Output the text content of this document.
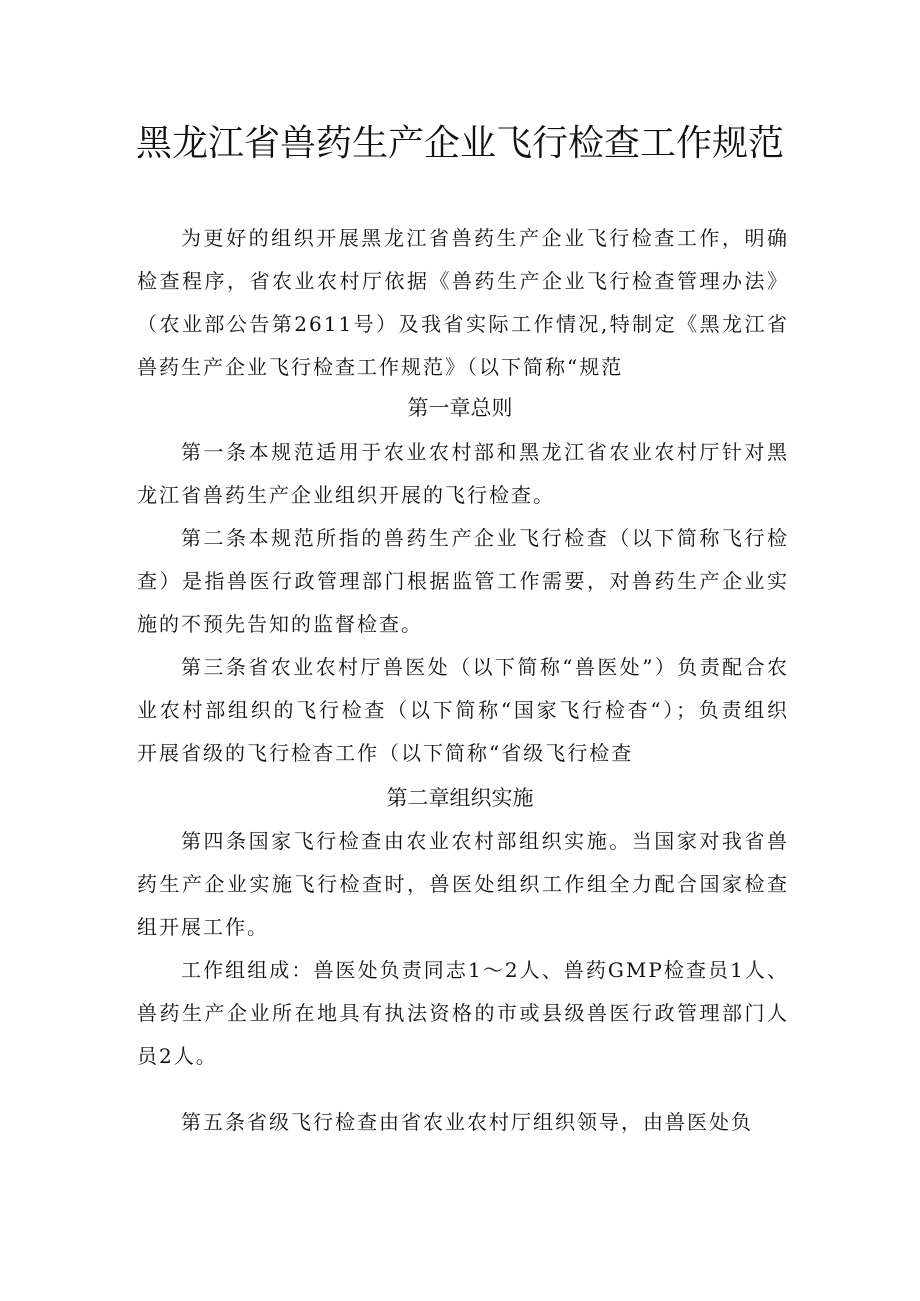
黑龙江省兽药生产企业飞行检查工作规范

为更好的组织开展黑龙江省兽药生产企业飞行检查工作，明确检查程序，省农业农村厅依据《兽药生产企业飞行检查管理办法》（农业部公告第2611号）及我省实际工作情况,特制定《黑龙江省兽药生产企业飞行检查工作规范》（以下简称“规范

第一章总则

第一条本规范适用于农业农村部和黑龙江省农业农村厅针对黑龙江省兽药生产企业组织开展的飞行检查。

第二条本规范所指的兽药生产企业飞行检查（以下简称飞行检查）是指兽医行政管理部门根据监管工作需要，对兽药生产企业实施的不预先告知的监督检查。

第三条省农业农村厅兽医处（以下简称“兽医处”）负责配合农业农村部组织的飞行检查（以下简称“国家飞行检杳“）；负责组织开展省级的飞行检杳工作（以下简称“省级飞行检查

第二章组织实施

第四条国家飞行检查由农业农村部组织实施。当国家对我省兽药生产企业实施飞行检查时，兽医处组织工作组全力配合国家检查组开展工作。

工作组组成：兽医处负责同志1～2人、兽药GMP检查员1人、兽药生产企业所在地具有执法资格的市或县级兽医行政管理部门人员2人。

第五条省级飞行检查由省农业农村厅组织领导，由兽医处负
